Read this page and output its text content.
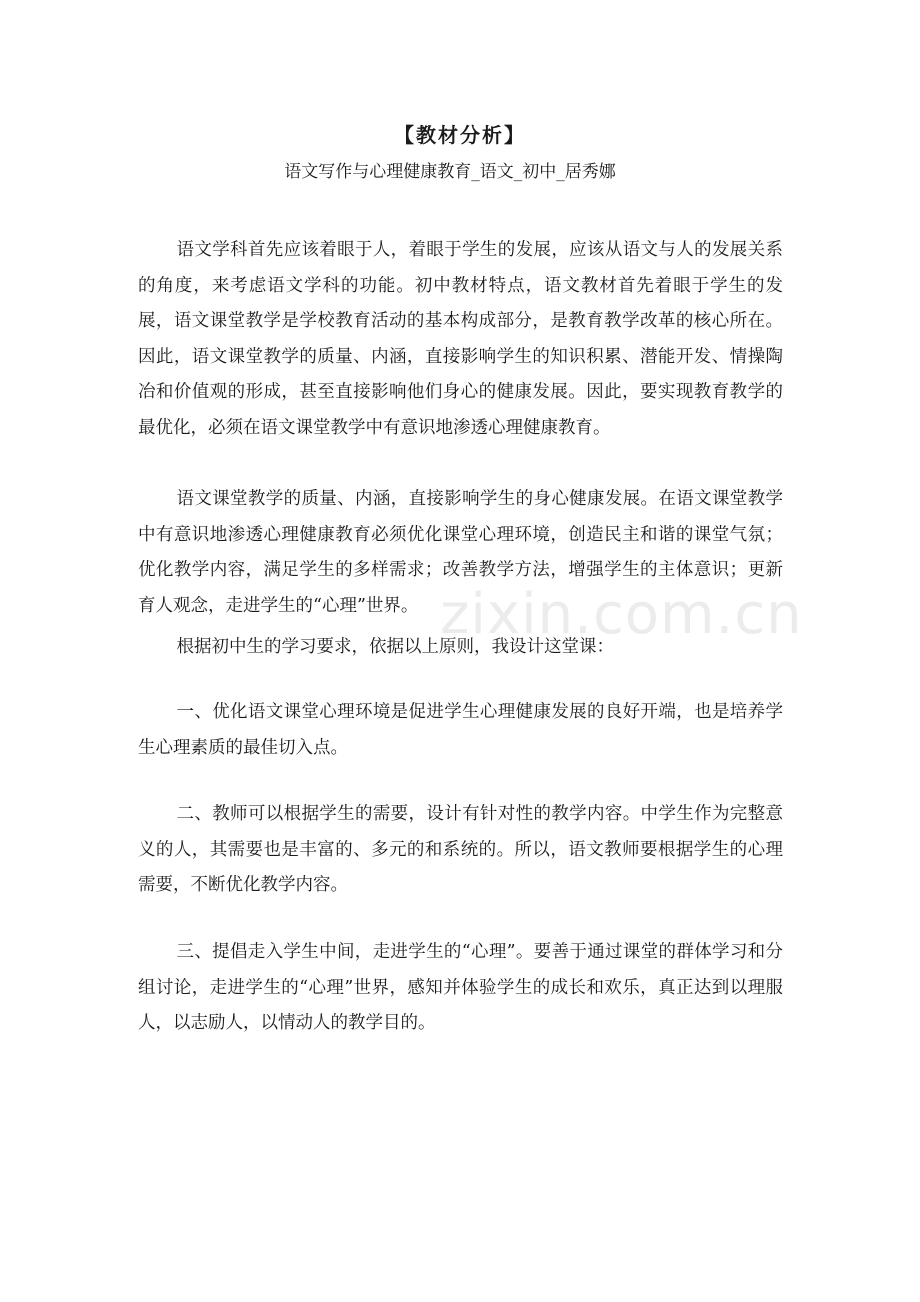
zixin.com.cn
【教材分析】
语文写作与心理健康教育_语文_初中_居秀娜

语文学科首先应该着眼于人，着眼于学生的发展，应该从语文与人的发展关系的角度，来考虑语文学科的功能。初中教材特点，语文教材首先着眼于学生的发展，语文课堂教学是学校教育活动的基本构成部分，是教育教学改革的核心所在。因此，语文课堂教学的质量、内涵，直接影响学生的知识积累、潜能开发、情操陶冶和价值观的形成，甚至直接影响他们身心的健康发展。因此，要实现教育教学的最优化，必须在语文课堂教学中有意识地渗透心理健康教育。

语文课堂教学的质量、内涵，直接影响学生的身心健康发展。在语文课堂教学中有意识地渗透心理健康教育必须优化课堂心理环境，创造民主和谐的课堂气氛；优化教学内容，满足学生的多样需求；改善教学方法，增强学生的主体意识；更新育人观念，走进学生的“心理”世界。

根据初中生的学习要求，依据以上原则，我设计这堂课：

一、优化语文课堂心理环境是促进学生心理健康发展的良好开端，也是培养学生心理素质的最佳切入点。

二、教师可以根据学生的需要，设计有针对性的教学内容。中学生作为完整意义的人，其需要也是丰富的、多元的和系统的。所以，语文教师要根据学生的心理需要，不断优化教学内容。

三、提倡走入学生中间，走进学生的“心理”。要善于通过课堂的群体学习和分组讨论，走进学生的“心理”世界，感知并体验学生的成长和欢乐，真正达到以理服人，以志励人，以情动人的教学目的。
